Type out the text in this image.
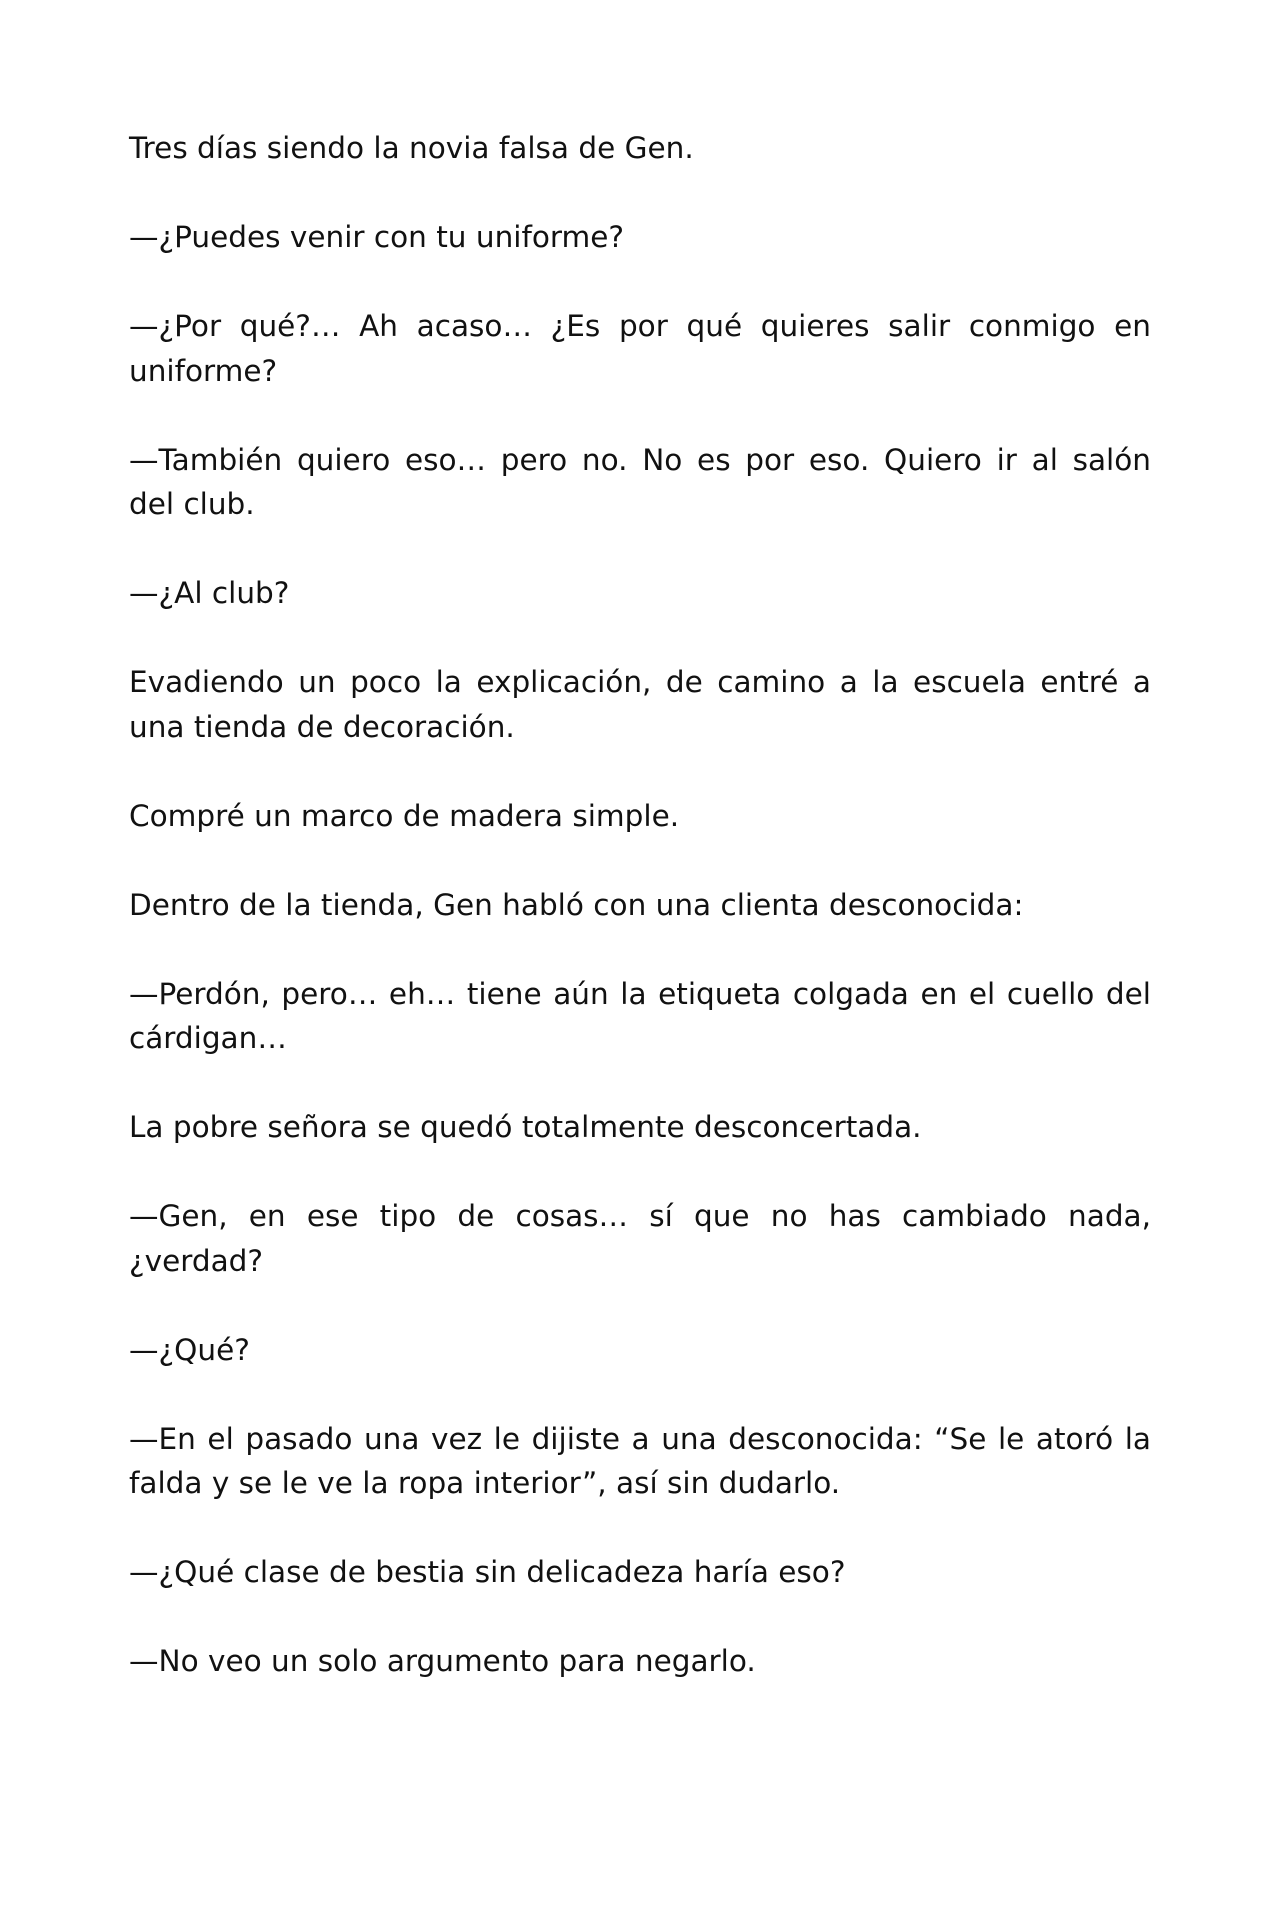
Tres días siendo la novia falsa de Gen.

—¿Puedes venir con tu uniforme?

—¿Por qué?… Ah acaso… ¿Es por qué quieres salir conmigo en
uniforme?

—También quiero eso… pero no. No es por eso. Quiero ir al salón
del club.

—¿Al club?

Evadiendo un poco la explicación, de camino a la escuela entré a
una tienda de decoración.

Compré un marco de madera simple.

Dentro de la tienda, Gen habló con una clienta desconocida:

—Perdón, pero… eh… tiene aún la etiqueta colgada en el cuello del
cárdigan…

La pobre señora se quedó totalmente desconcertada.

—Gen, en ese tipo de cosas… sí que no has cambiado nada,
¿verdad?

—¿Qué?

—En el pasado una vez le dijiste a una desconocida: “Se le atoró la
falda y se le ve la ropa interior”, así sin dudarlo.

—¿Qué clase de bestia sin delicadeza haría eso?

—No veo un solo argumento para negarlo.
